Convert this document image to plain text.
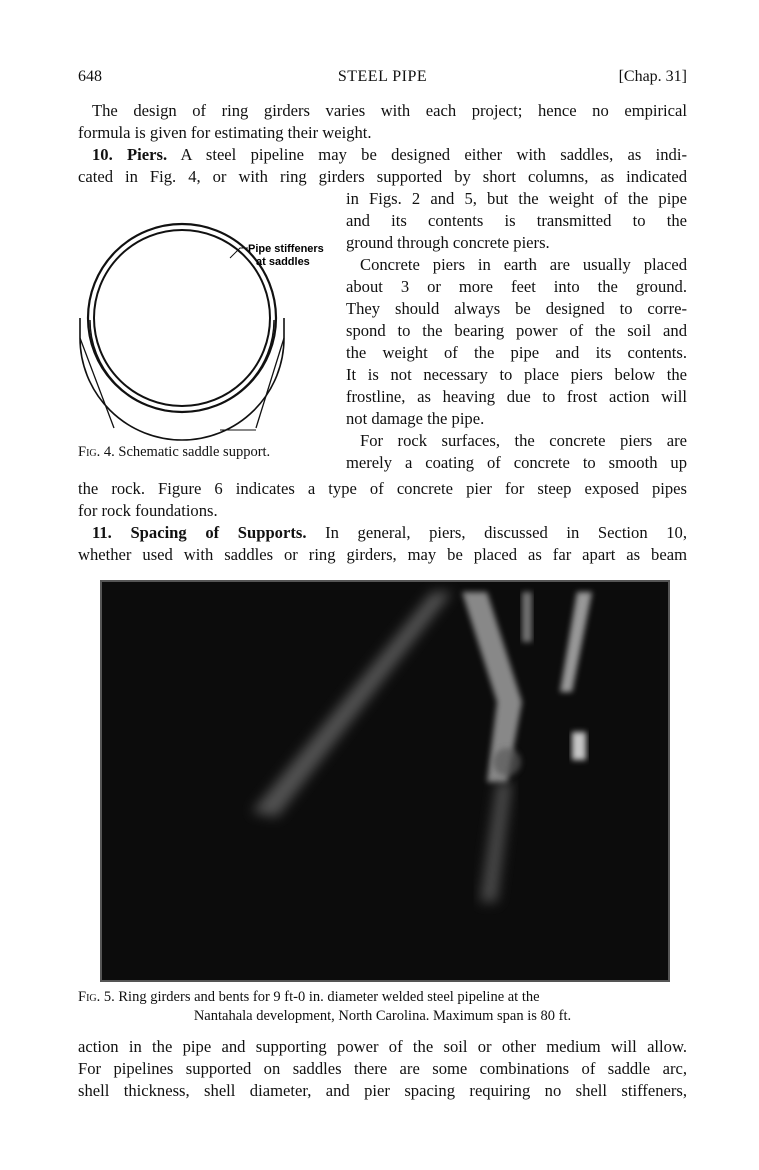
648	STEEL PIPE	[Chap. 31]
The design of ring girders varies with each project; hence no empirical
formula is given for estimating their weight.
10. Piers. A steel pipeline may be designed either with saddles, as indi-
cated in Fig. 4, or with ring girders supported by short columns, as indicated
in Figs. 2 and 5, but the weight of the pipe
and its contents is transmitted to the
ground through concrete piers.
Concrete piers in earth are usually placed
about 3 or more feet into the ground.
They should always be designed to corre-
spond to the bearing power of the soil and
the weight of the pipe and its contents.
It is not necessary to place piers below the
frostline, as heaving due to frost action will
not damage the pipe.
For rock surfaces, the concrete piers are
merely a coating of concrete to smooth up
Pipe stiffeners
at saddles
Fig. 4. Schematic saddle support.
the rock. Figure 6 indicates a type of concrete pier for steep exposed pipes
for rock foundations.
11. Spacing of Supports. In general, piers, discussed in Section 10,
whether used with saddles or ring girders, may be placed as far apart as beam
Fig. 5. Ring girders and bents for 9 ft-0 in. diameter welded steel pipeline at the
Nantahala development, North Carolina. Maximum span is 80 ft.
action in the pipe and supporting power of the soil or other medium will allow.
For pipelines supported on saddles there are some combinations of saddle arc,
shell thickness, shell diameter, and pier spacing requiring no shell stiffeners,
